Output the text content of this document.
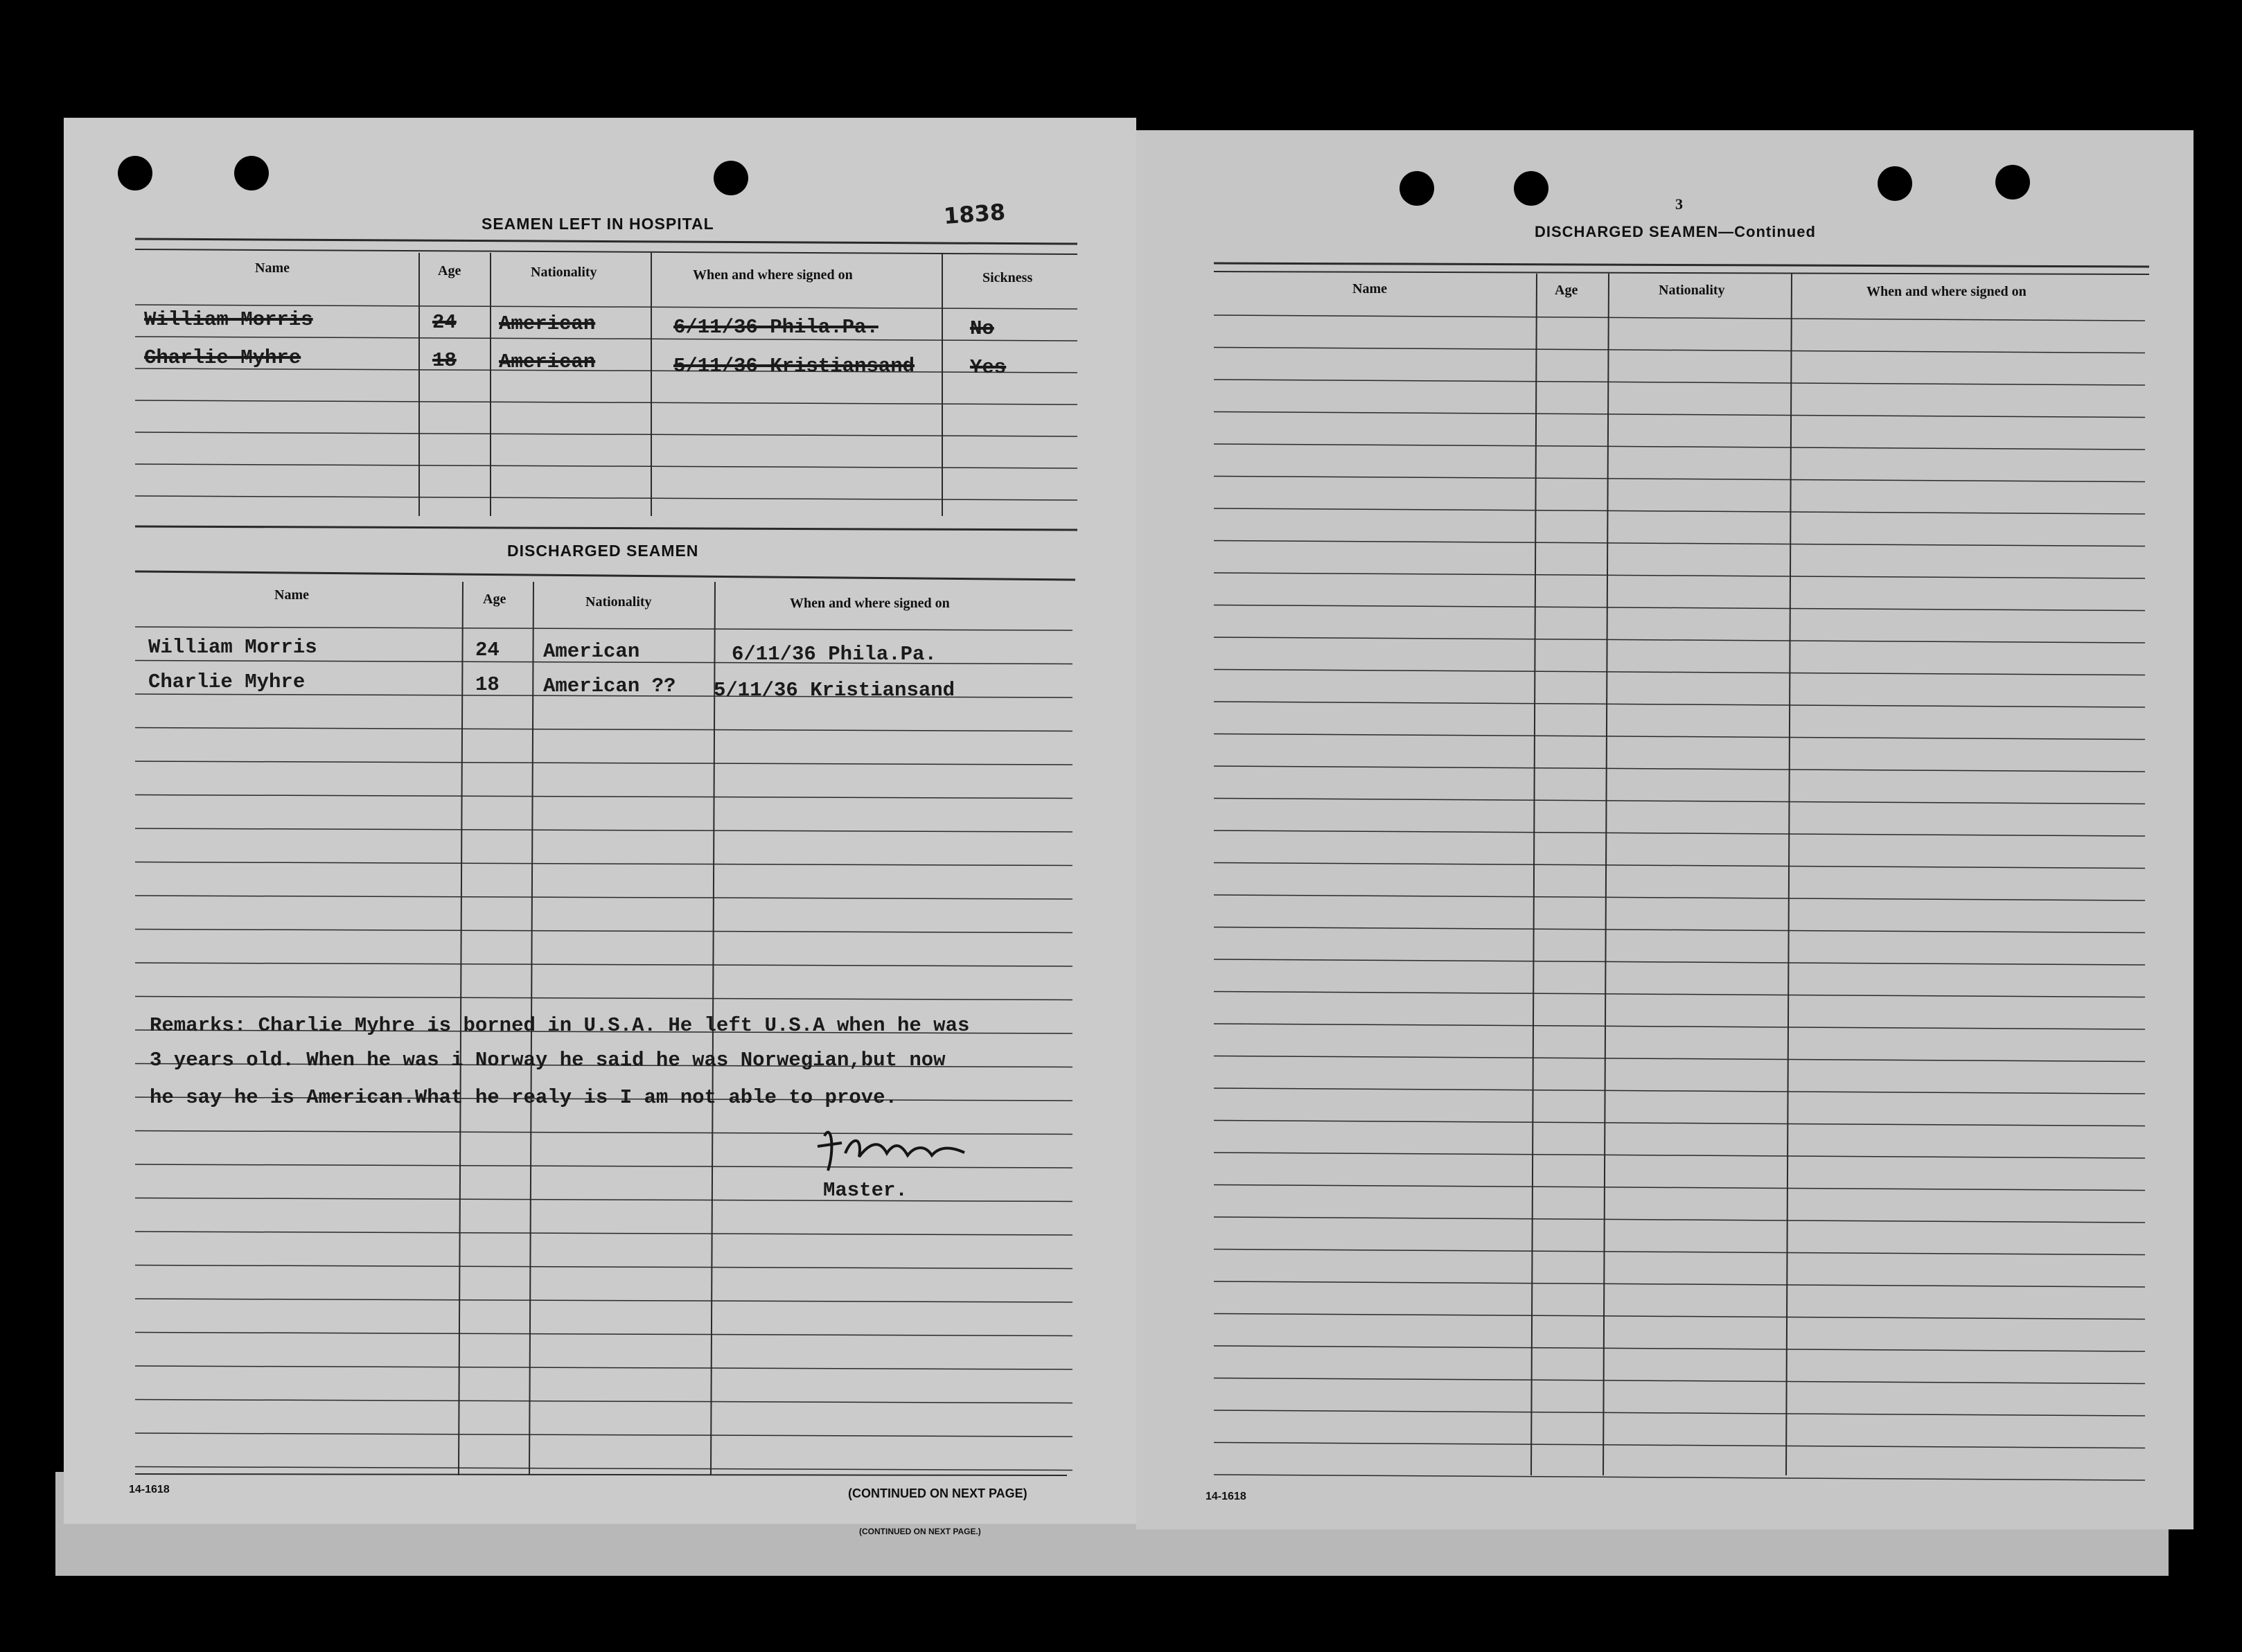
1838
SEAMEN LEFT IN HOSPITAL
Name	Age	Nationality	When and where signed on	Sickness
William Morris	24 American	6/11/36 Phila.Pa.	No
Charlie Myhre	18 American	5/11/36 Kristiansand	Yes
DISCHARGED SEAMEN
Name	Age	Nationality	When and where signed on
William Morris	24 American	6/11/36 Phila.Pa.
Charlie Myhre	18 American ?? 5/11/36 Kristiansand
Remarks: Charlie Myhre is borned in U.S.A. He left U.S.A when he was
3 years old. When he was i Norway he said he was Norwegian,but now
he say he is American.What he realy is I am not able to prove.
Master.
14-1618	(CONTINUED ON NEXT PAGE)
(CONTINUED ON NEXT PAGE.)
3
DISCHARGED SEAMEN—Continued
Name	Age	Nationality	When and where signed on
14-1618
